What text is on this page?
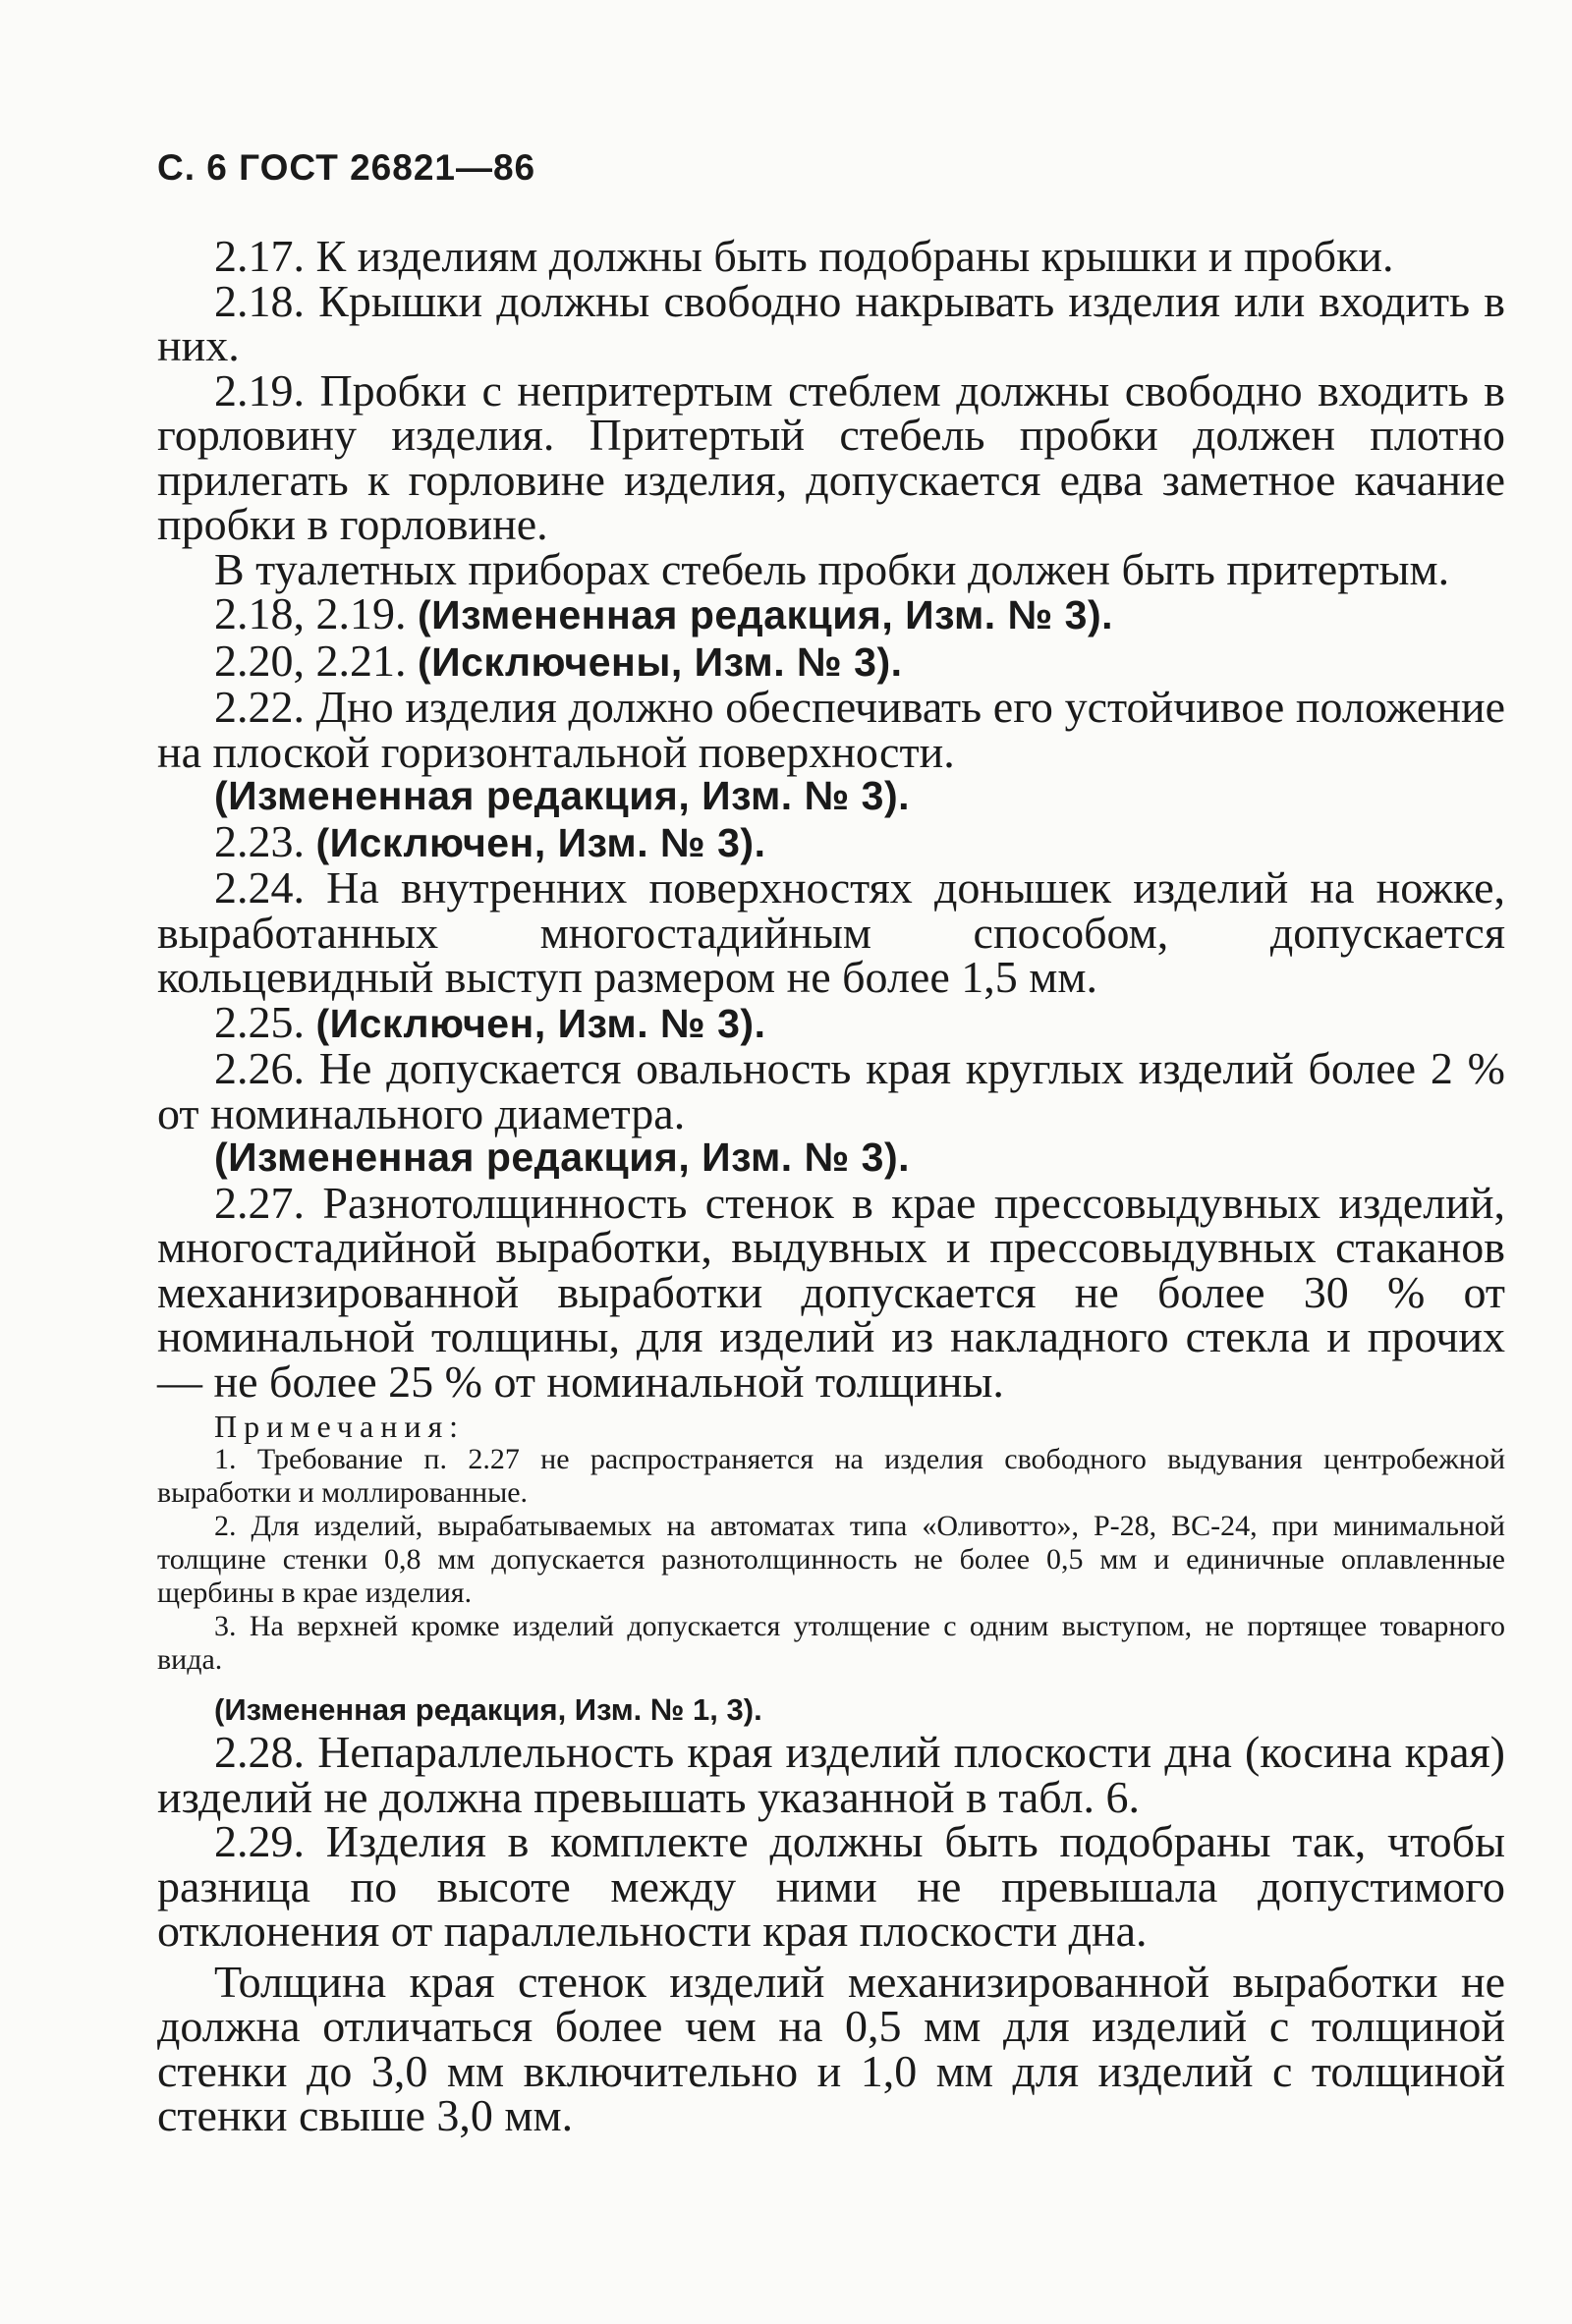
С. 6 ГОСТ 26821—86

2.17. К изделиям должны быть подобраны крышки и пробки.

2.18. Крышки должны свободно накрывать изделия или входить в них.

2.19. Пробки с непритертым стеблем должны свободно входить в горловину изделия. Притертый стебель пробки должен плотно прилегать к горловине изделия, допускается едва заметное качание пробки в горловине.

В туалетных приборах стебель пробки должен быть притертым.

2.18, 2.19. (Измененная редакция, Изм. № 3).

2.20, 2.21. (Исключены, Изм. № 3).

2.22. Дно изделия должно обеспечивать его устойчивое положение на плоской горизонтальной поверхности.

(Измененная редакция, Изм. № 3).

2.23. (Исключен, Изм. № 3).

2.24. На внутренних поверхностях донышек изделий на ножке, выработанных многостадийным способом, допускается кольцевидный выступ размером не более 1,5 мм.

2.25. (Исключен, Изм. № 3).

2.26. Не допускается овальность края круглых изделий более 2 % от номинального диаметра.

(Измененная редакция, Изм. № 3).

2.27. Разнотолщинность стенок в крае прессовыдувных изделий, многостадийной выработки, выдувных и прессовыдувных стаканов механизированной выработки допускается не более 30 % от номинальной толщины, для изделий из накладного стекла и прочих — не более 25 % от номинальной толщины.

Примечания:

1. Требование п. 2.27 не распространяется на изделия свободного выдувания центробежной выработки и моллированные.

2. Для изделий, вырабатываемых на автоматах типа «Оливотто», Р-28, ВС-24, при минимальной толщине стенки 0,8 мм допускается разнотолщинность не более 0,5 мм и единичные оплавленные щербины в крае изделия.

3. На верхней кромке изделий допускается утолщение с одним выступом, не портящее товарного вида.

(Измененная редакция, Изм. № 1, 3).

2.28. Непараллельность края изделий плоскости дна (косина края) изделий не должна превышать указанной в табл. 6.

2.29. Изделия в комплекте должны быть подобраны так, чтобы разница по высоте между ними не превышала допустимого отклонения от параллельности края плоскости дна.

Толщина края стенок изделий механизированной выработки не должна отличаться более чем на 0,5 мм для изделий с толщиной стенки до 3,0 мм включительно и 1,0 мм для изделий с толщиной стенки свыше 3,0 мм.
